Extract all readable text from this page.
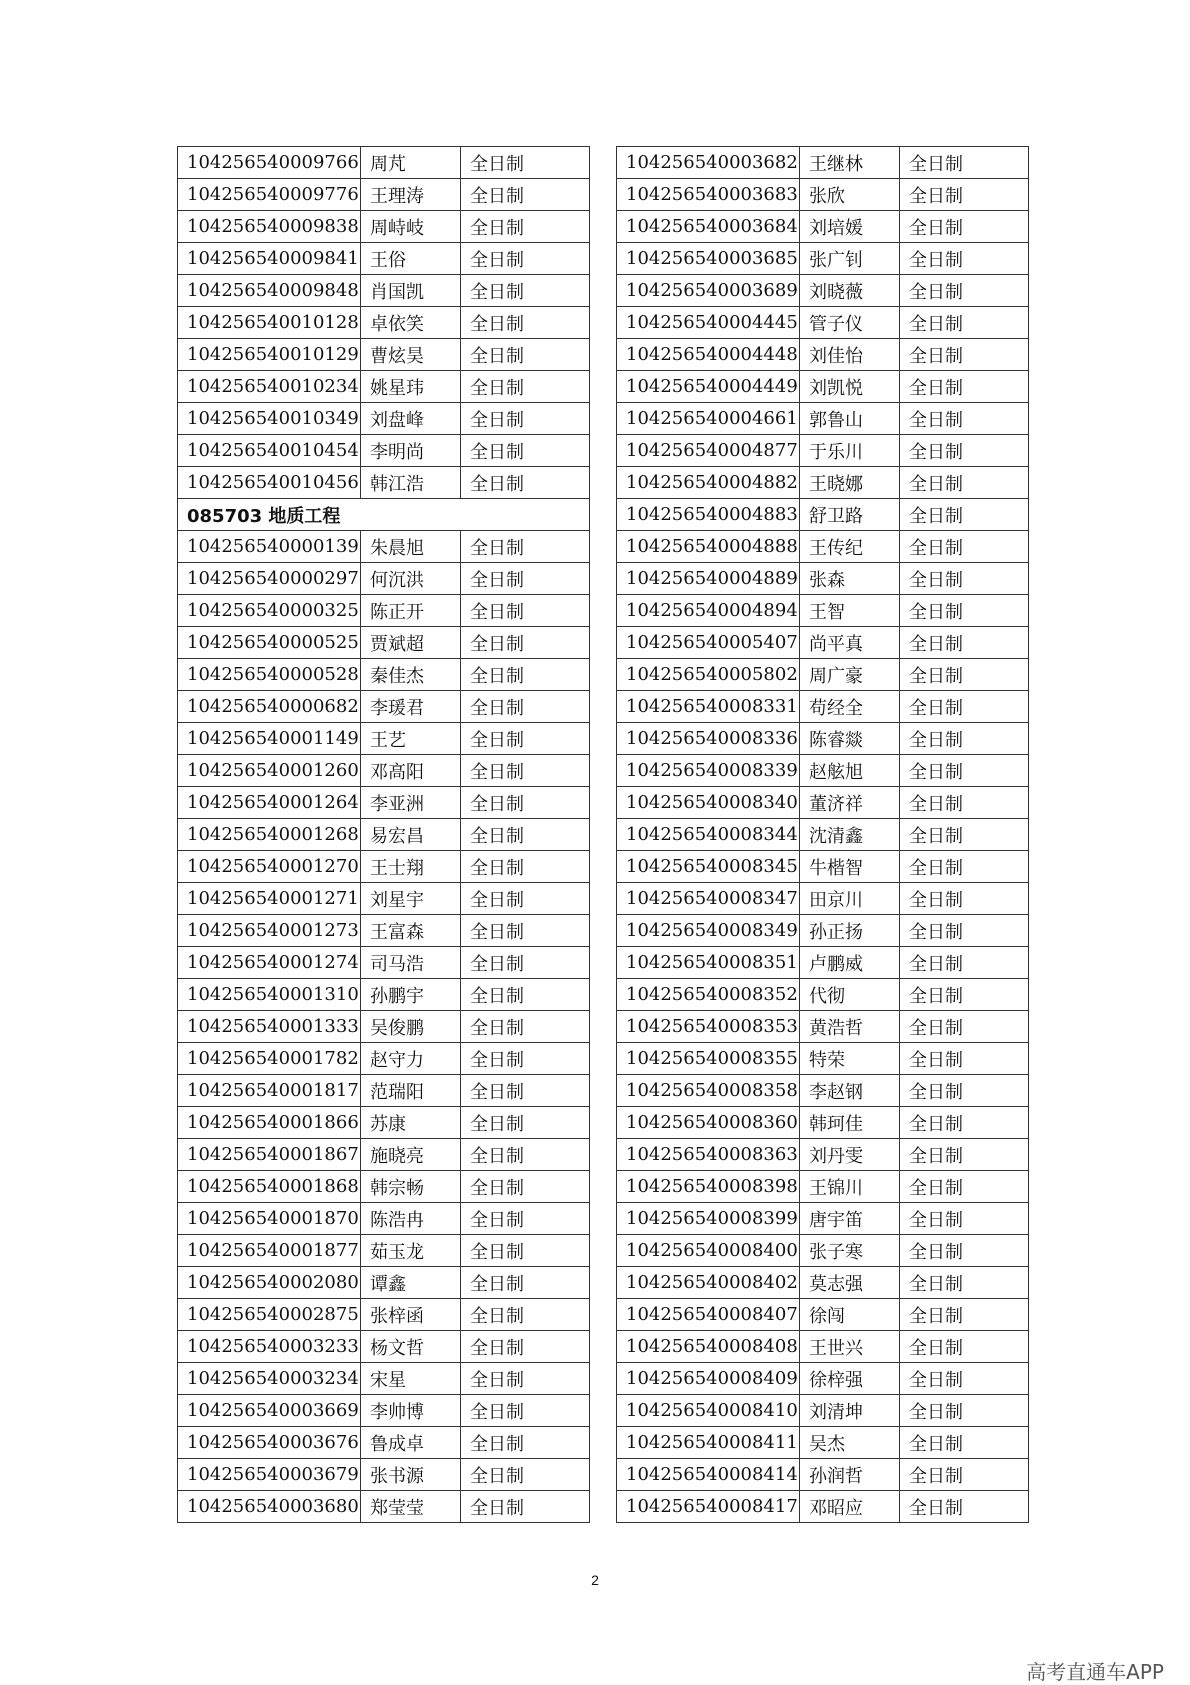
104256540009766	周芃	全日制
104256540009776	王理涛	全日制
104256540009838	周峙岐	全日制
104256540009841	王俗	全日制
104256540009848	肖国凯	全日制
104256540010128	卓依笑	全日制
104256540010129	曹炫昊	全日制
104256540010234	姚星玮	全日制
104256540010349	刘盘峰	全日制
104256540010454	李明尚	全日制
104256540010456	韩江浩	全日制
085703 地质工程		
104256540000139	朱晨旭	全日制
104256540000297	何沉洪	全日制
104256540000325	陈正开	全日制
104256540000525	贾斌超	全日制
104256540000528	秦佳杰	全日制
104256540000682	李瑗君	全日制
104256540001149	王艺	全日制
104256540001260	邓高阳	全日制
104256540001264	李亚洲	全日制
104256540001268	易宏昌	全日制
104256540001270	王士翔	全日制
104256540001271	刘星宇	全日制
104256540001273	王富森	全日制
104256540001274	司马浩	全日制
104256540001310	孙鹏宇	全日制
104256540001333	吴俊鹏	全日制
104256540001782	赵守力	全日制
104256540001817	范瑞阳	全日制
104256540001866	苏康	全日制
104256540001867	施晓亮	全日制
104256540001868	韩宗畅	全日制
104256540001870	陈浩冉	全日制
104256540001877	茹玉龙	全日制
104256540002080	谭鑫	全日制
104256540002875	张梓函	全日制
104256540003233	杨文哲	全日制
104256540003234	宋星	全日制
104256540003669	李帅博	全日制
104256540003676	鲁成卓	全日制
104256540003679	张书源	全日制
104256540003680	郑莹莹	全日制
104256540003682	王继林	全日制
104256540003683	张欣	全日制
104256540003684	刘培媛	全日制
104256540003685	张广钊	全日制
104256540003689	刘晓薇	全日制
104256540004445	管子仪	全日制
104256540004448	刘佳怡	全日制
104256540004449	刘凯悦	全日制
104256540004661	郭鲁山	全日制
104256540004877	于乐川	全日制
104256540004882	王晓娜	全日制
104256540004883	舒卫路	全日制
104256540004888	王传纪	全日制
104256540004889	张森	全日制
104256540004894	王智	全日制
104256540005407	尚平真	全日制
104256540005802	周广豪	全日制
104256540008331	苟经全	全日制
104256540008336	陈睿燚	全日制
104256540008339	赵舷旭	全日制
104256540008340	董济祥	全日制
104256540008344	沈清鑫	全日制
104256540008345	牛楷智	全日制
104256540008347	田京川	全日制
104256540008349	孙正扬	全日制
104256540008351	卢鹏威	全日制
104256540008352	代彻	全日制
104256540008353	黄浩哲	全日制
104256540008355	特荣	全日制
104256540008358	李赵钢	全日制
104256540008360	韩珂佳	全日制
104256540008363	刘丹雯	全日制
104256540008398	王锦川	全日制
104256540008399	唐宇笛	全日制
104256540008400	张子寒	全日制
104256540008402	莫志强	全日制
104256540008407	徐闯	全日制
104256540008408	王世兴	全日制
104256540008409	徐梓强	全日制
104256540008410	刘清坤	全日制
104256540008411	吴杰	全日制
104256540008414	孙润哲	全日制
104256540008417	邓昭应	全日制
2
高考直通车APP
